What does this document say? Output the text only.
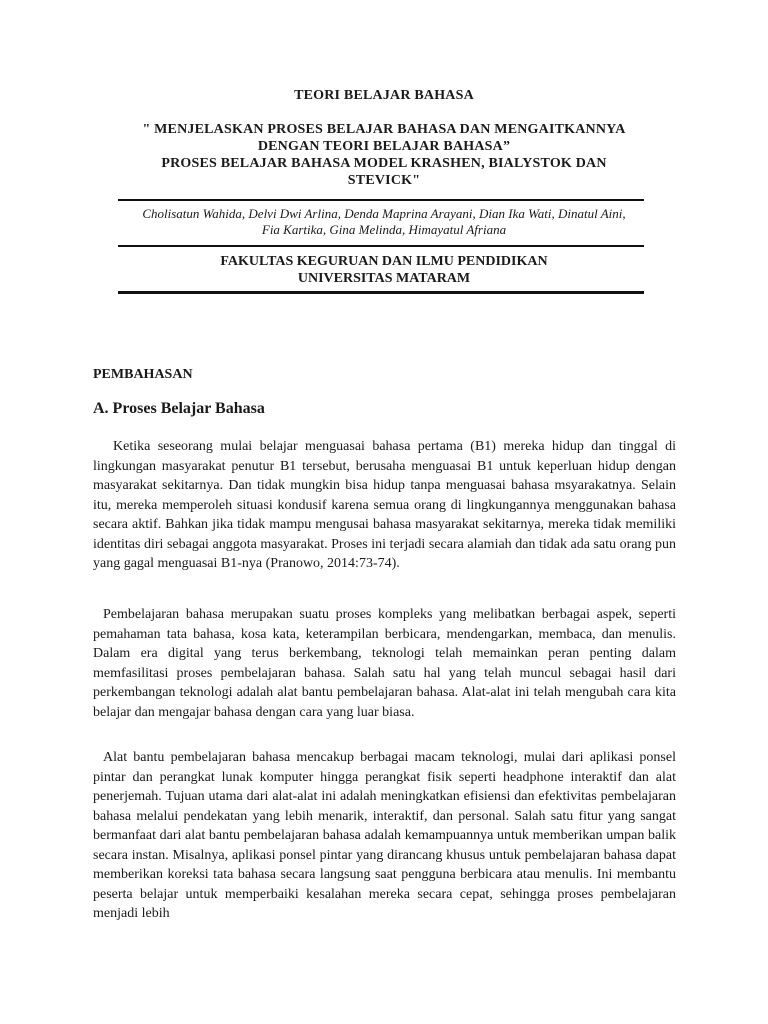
TEORI BELAJAR BAHASA
" MENJELASKAN PROSES BELAJAR BAHASA DAN MENGAITKANNYA
DENGAN TEORI BELAJAR BAHASA”
PROSES BELAJAR BAHASA MODEL KRASHEN, BIALYSTOK DAN
STEVICK"
Cholisatun Wahida, Delvi Dwi Arlina, Denda Maprina Arayani, Dian Ika Wati, Dinatul Aini,
Fia Kartika, Gina Melinda, Himayatul Afriana
FAKULTAS KEGURUAN DAN ILMU PENDIDIKAN
UNIVERSITAS MATARAM
PEMBAHASAN
A. Proses Belajar Bahasa

Ketika seseorang mulai belajar menguasai bahasa pertama (B1) mereka hidup dan tinggal di lingkungan masyarakat penutur B1 tersebut, berusaha menguasai B1 untuk keperluan hidup dengan masyarakat sekitarnya. Dan tidak mungkin bisa hidup tanpa menguasai bahasa msyarakatnya. Selain itu, mereka memperoleh situasi kondusif karena semua orang di lingkungannya menggunakan bahasa secara aktif. Bahkan jika tidak mampu mengusai bahasa masyarakat sekitarnya, mereka tidak memiliki identitas diri sebagai anggota masyarakat. Proses ini terjadi secara alamiah dan tidak ada satu orang pun yang gagal menguasai B1-nya (Pranowo, 2014:73-74).

Pembelajaran bahasa merupakan suatu proses kompleks yang melibatkan berbagai aspek, seperti pemahaman tata bahasa, kosa kata, keterampilan berbicara, mendengarkan, membaca, dan menulis. Dalam era digital yang terus berkembang, teknologi telah memainkan peran penting dalam memfasilitasi proses pembelajaran bahasa. Salah satu hal yang telah muncul sebagai hasil dari perkembangan teknologi adalah alat bantu pembelajaran bahasa. Alat-alat ini telah mengubah cara kita belajar dan mengajar bahasa dengan cara yang luar biasa.

Alat bantu pembelajaran bahasa mencakup berbagai macam teknologi, mulai dari aplikasi ponsel pintar dan perangkat lunak komputer hingga perangkat fisik seperti headphone interaktif dan alat penerjemah. Tujuan utama dari alat-alat ini adalah meningkatkan efisiensi dan efektivitas pembelajaran bahasa melalui pendekatan yang lebih menarik, interaktif, dan personal. Salah satu fitur yang sangat bermanfaat dari alat bantu pembelajaran bahasa adalah kemampuannya untuk memberikan umpan balik secara instan. Misalnya, aplikasi ponsel pintar yang dirancang khusus untuk pembelajaran bahasa dapat memberikan koreksi tata bahasa secara langsung saat pengguna berbicara atau menulis. Ini membantu peserta belajar untuk memperbaiki kesalahan mereka secara cepat, sehingga proses pembelajaran menjadi lebih
